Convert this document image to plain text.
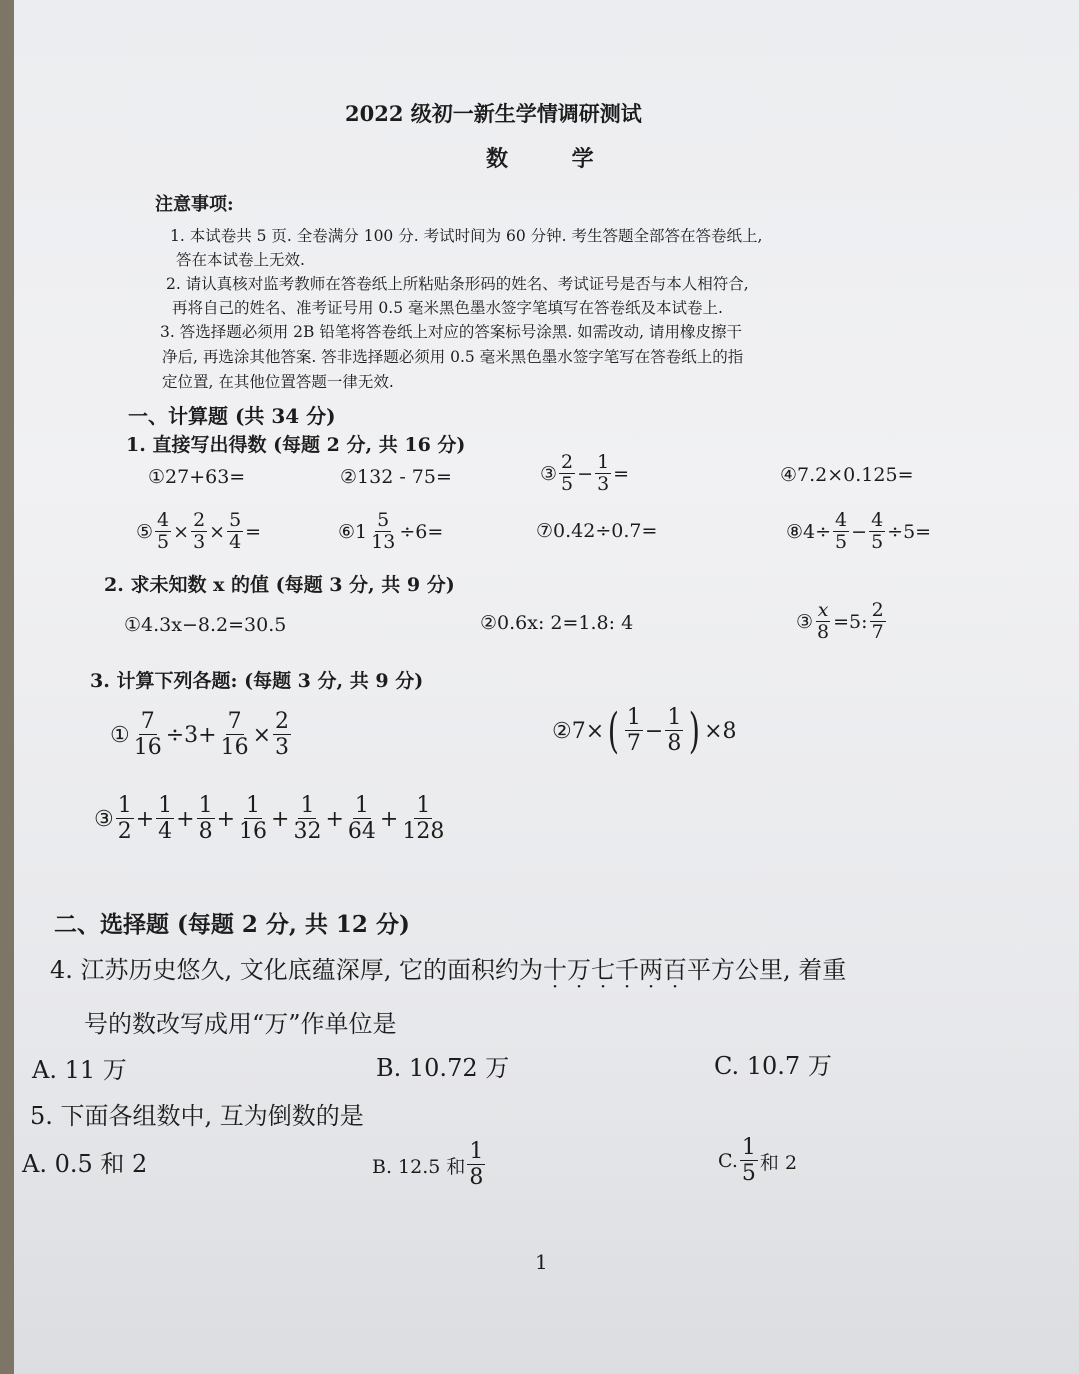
2022 级初一新生学情调研测试
数 学
注意事项:
1. 本试卷共 5 页. 全卷满分 100 分. 考试时间为 60 分钟. 考生答题全部答在答卷纸上,
答在本试卷上无效.
2. 请认真核对监考教师在答卷纸上所粘贴条形码的姓名、考试证号是否与本人相符合,
再将自己的姓名、准考证号用 0.5 毫米黑色墨水签字笔填写在答卷纸及本试卷上.
3. 答选择题必须用 2B 铅笔将答卷纸上对应的答案标号涂黑. 如需改动, 请用橡皮擦干
净后, 再选涂其他答案. 答非选择题必须用 0.5 毫米黑色墨水签字笔写在答卷纸上的指
定位置, 在其他位置答题一律无效.
一、计算题 (共 34 分)
1. 直接写出得数 (每题 2 分, 共 16 分)
①27+63=	②132 - 75=	③ $\frac{2}{5} - \frac{1}{3}$ =	④7.2×0.125=
⑤ $\frac{4}{5} \times \frac{2}{3} \times \frac{5}{4}$ =	⑥1 $\frac{5}{13} \div 6=$	⑦0.42÷0.7=	⑧4÷ $\frac{4}{5} - \frac{4}{5} \div 5=$
2. 求未知数 x 的值 (每题 3 分, 共 9 分)
①4.3x−8.2=30.5	②0.6x: 2=1.8: 4	③ $\frac{x}{8} =5$: $\frac{2}{7}$
3. 计算下列各题: (每题 3 分, 共 9 分)
① $\frac{7}{16} \div 3+ \frac{7}{16} \times \frac{2}{3}$	②7× ( $\frac{1}{7} - \frac{1}{8}$ ) ×8
③ $\frac{1}{2} + \frac{1}{4} + \frac{1}{8} + \frac{1}{16} + \frac{1}{32} + \frac{1}{64} + \frac{1}{128}$
二、选择题 (每题 2 分, 共 12 分)
4. 江苏历史悠久, 文化底蕴深厚, 它的面积约为十万七千两百平方公里, 着重
号的数改写成用“万”作单位是
A. 11 万	B. 10.72 万	C. 10.7 万
5. 下面各组数中, 互为倒数的是
A. 0.5 和 2	B. 12.5 和 $\frac{1}{8}$	C. $\frac{1}{5}$ 和 2
1
